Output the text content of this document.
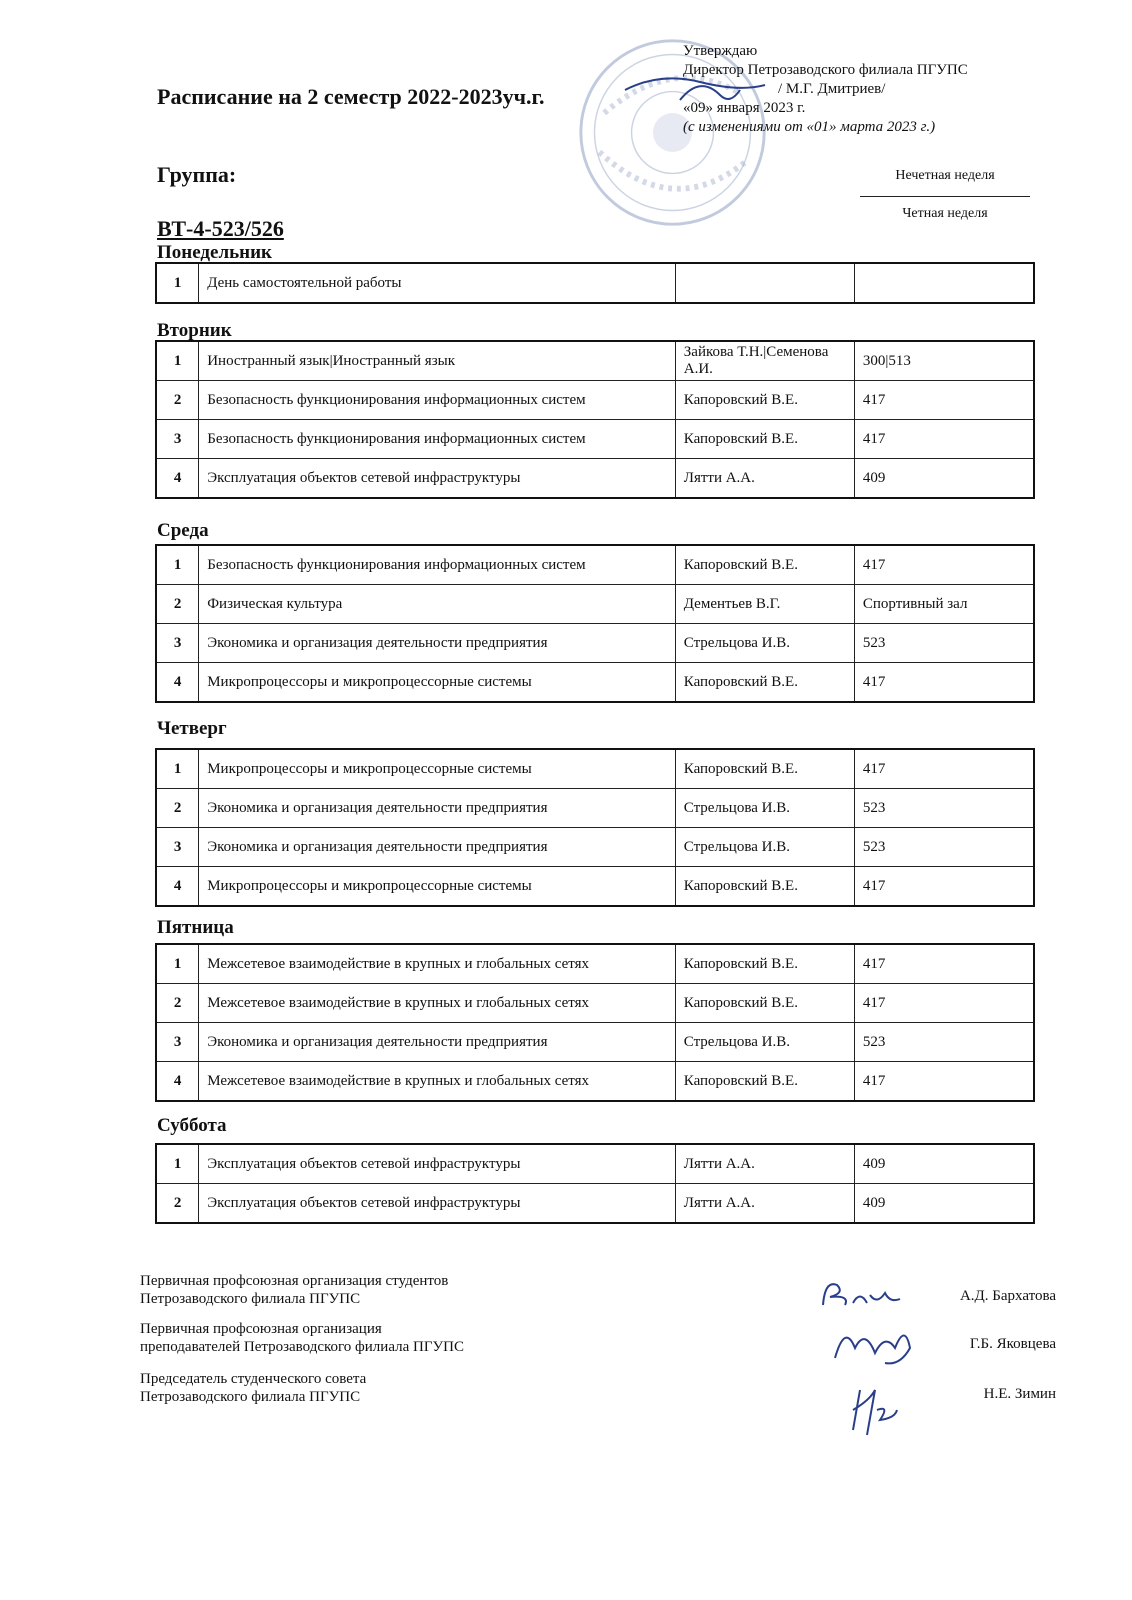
Расписание на 2 семестр 2022-2023уч.г.
Группа:
ВТ-4-523/526
Утверждаю
Директор Петрозаводского филиала ПГУПС
/ М.Г. Дмитриев/
«09» января 2023 г.
(с изменениями от «01» марта 2023 г.)
Нечетная неделя
Четная неделя
Понедельник
1	День самостоятельной работы		
Вторник
1	Иностранный язык|Иностранный язык	Зайкова Т.Н.|Семенова А.И.	300|513
2	Безопасность функционирования информационных систем	Капоровский В.Е.	417
3	Безопасность функционирования информационных систем	Капоровский В.Е.	417
4	Эксплуатация объектов сетевой инфраструктуры	Лятти А.А.	409
Среда
1	Безопасность функционирования информационных систем	Капоровский В.Е.	417
2	Физическая культура	Дементьев В.Г.	Спортивный зал
3	Экономика и организация деятельности предприятия	Стрельцова И.В.	523
4	Микропроцессоры и микропроцессорные системы	Капоровский В.Е.	417
Четверг
1	Микропроцессоры и микропроцессорные системы	Капоровский В.Е.	417
2	Экономика и организация деятельности предприятия	Стрельцова И.В.	523
3	Экономика и организация деятельности предприятия	Стрельцова И.В.	523
4	Микропроцессоры и микропроцессорные системы	Капоровский В.Е.	417
Пятница
1	Межсетевое взаимодействие в крупных и глобальных сетях	Капоровский В.Е.	417
2	Межсетевое взаимодействие в крупных и глобальных сетях	Капоровский В.Е.	417
3	Экономика и организация деятельности предприятия	Стрельцова И.В.	523
4	Межсетевое взаимодействие в крупных и глобальных сетях	Капоровский В.Е.	417
Суббота
1	Эксплуатация объектов сетевой инфраструктуры	Лятти А.А.	409
2	Эксплуатация объектов сетевой инфраструктуры	Лятти А.А.	409
Первичная профсоюзная организация студентов
Петрозаводского филиала ПГУПС	А.Д. Бархатова
Первичная профсоюзная организация
преподавателей Петрозаводского филиала ПГУПС	Г.Б. Яковцева
Председатель студенческого совета
Петрозаводского филиала ПГУПС	Н.Е. Зимин
